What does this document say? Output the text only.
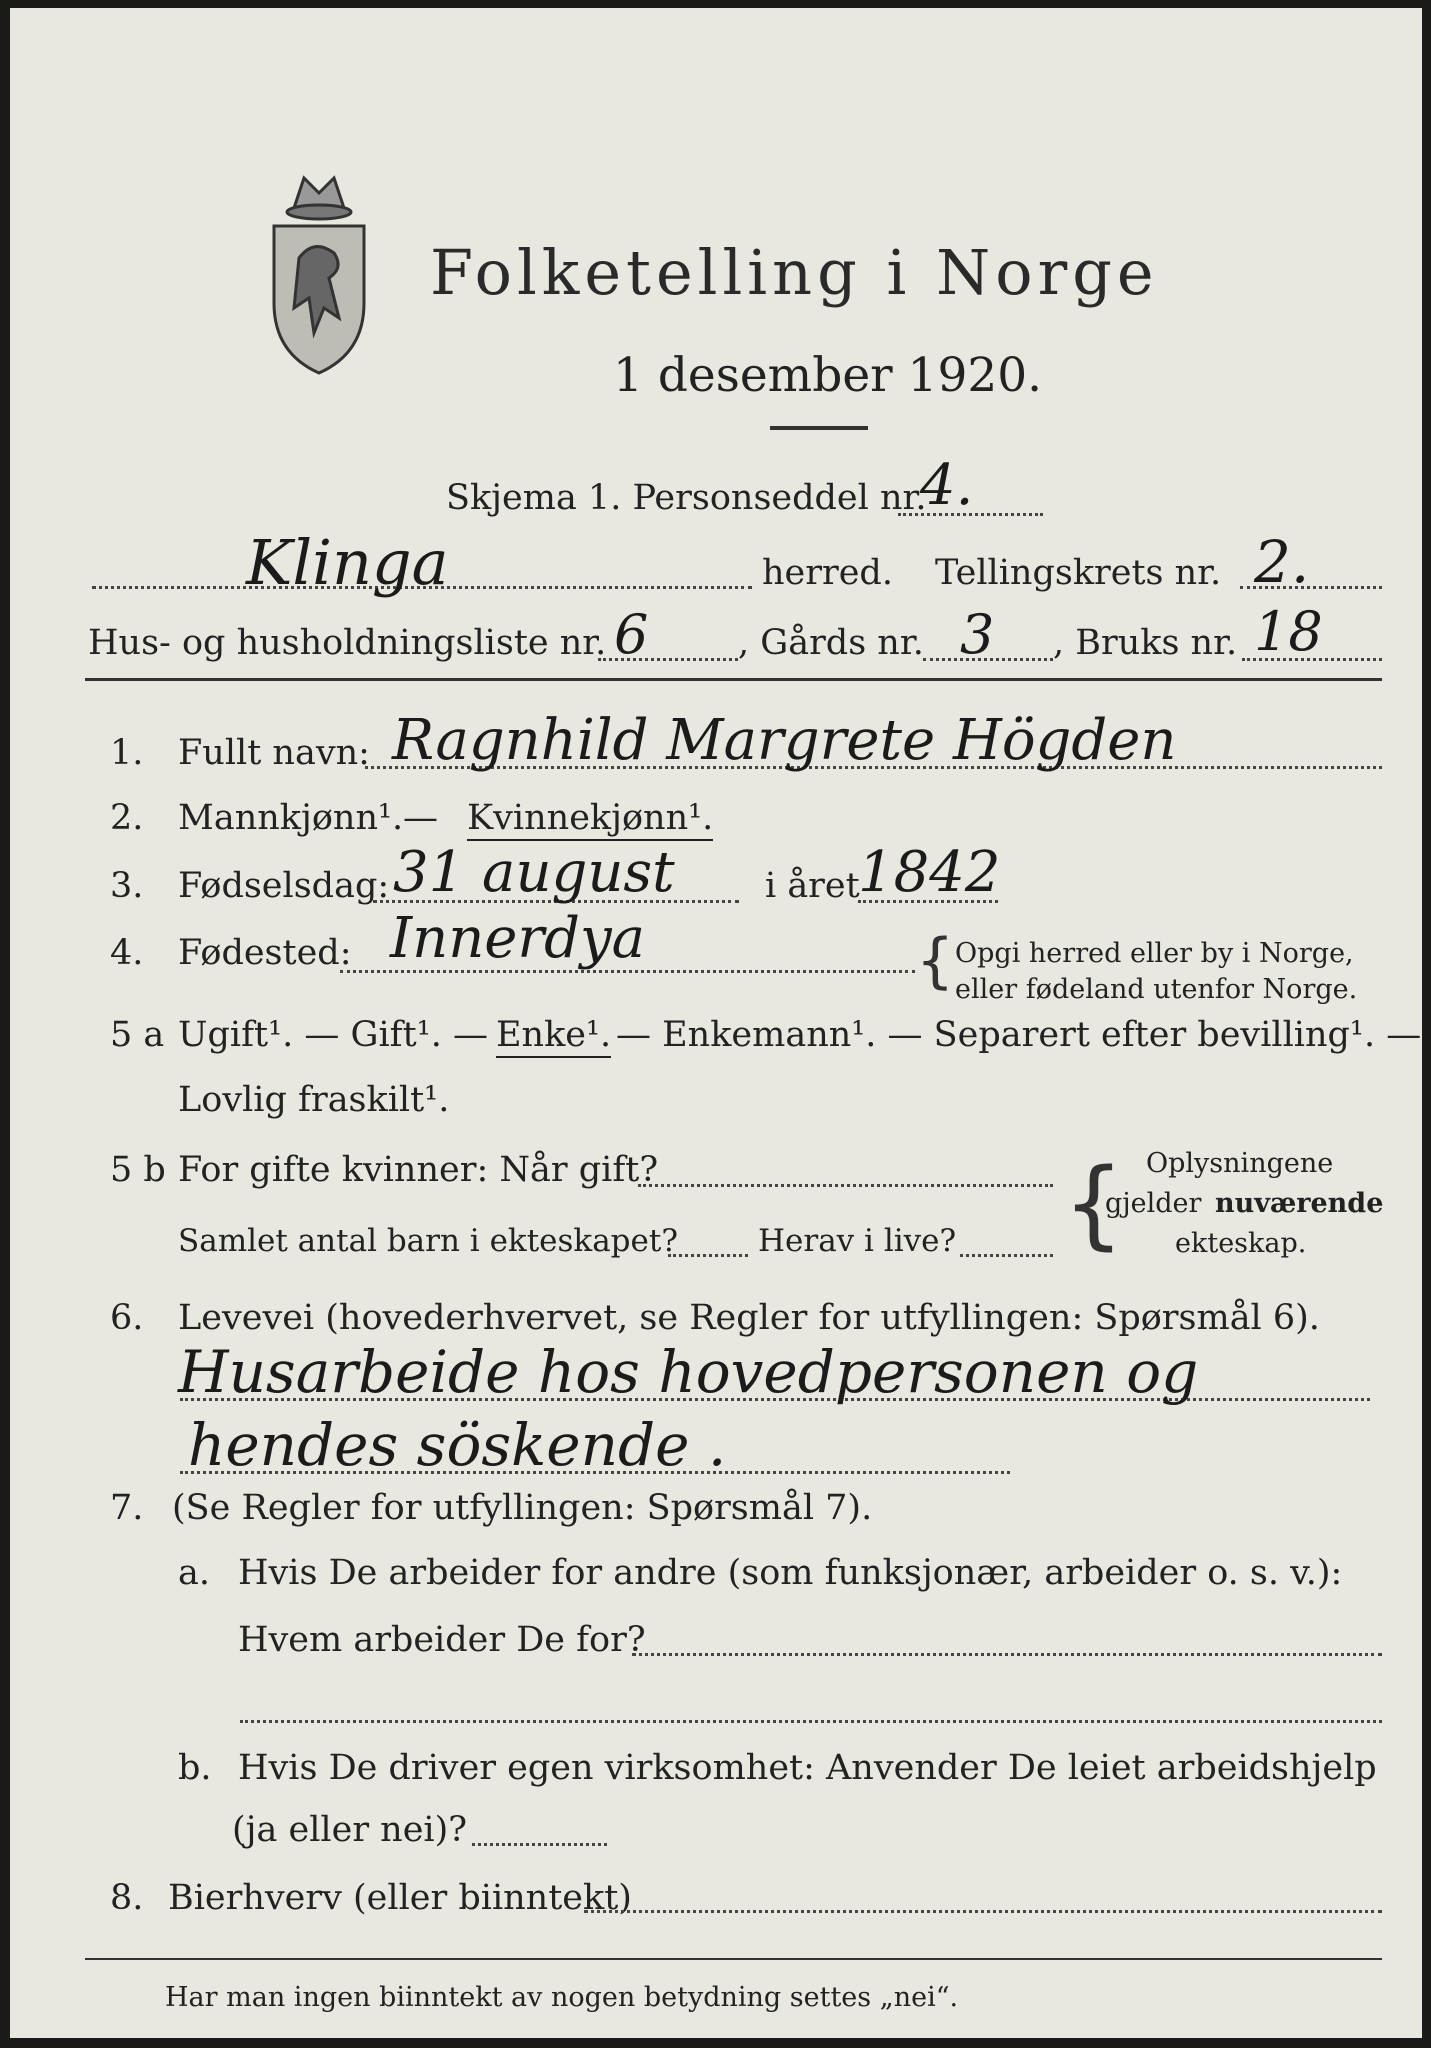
Folketelling i Norge
1 desember 1920.
Skjema 1. Personseddel nr.
4.
Klinga	herred. Tellingskrets nr. 2.
Hus- og husholdningsliste nr. 6	, Gårds nr. 3 , Bruks nr. 18
1. Fullt navn: Ragnhild Margrete Högden
2. Mannkjønn¹. — Kvinnekjønn¹.
3. Fødselsdag: 31 august	i året
1842
4. Fødested: Innerdya	{ Opgi herred eller by i Norge,
eller fødeland utenfor Norge.
5 a Ugift¹. — Gift¹. — Enke¹. — Enkemann¹. — Separert efter bevilling¹. —
Lovlig fraskilt¹.
5 b For gifte kvinner: Når gift?
Samlet antal barn i ekteskapet?	Herav i live? { Oplysningene
gjelder nuværende
ekteskap.
6. Levevei (hovederhvervet, se Regler for utfyllingen: Spørsmål 6).
Husarbeide hos hovedpersonen og
hendes söskende .
7. (Se Regler for utfyllingen: Spørsmål 7).
a. Hvis De arbeider for andre (som funksjonær, arbeider o. s. v.):
Hvem arbeider De for?
b. Hvis De driver egen virksomhet: Anvender De leiet arbeidshjelp
(ja eller nei)?
8. Bierhverv (eller biinntekt)
Har man ingen biinntekt av nogen betydning settes „nei“.
